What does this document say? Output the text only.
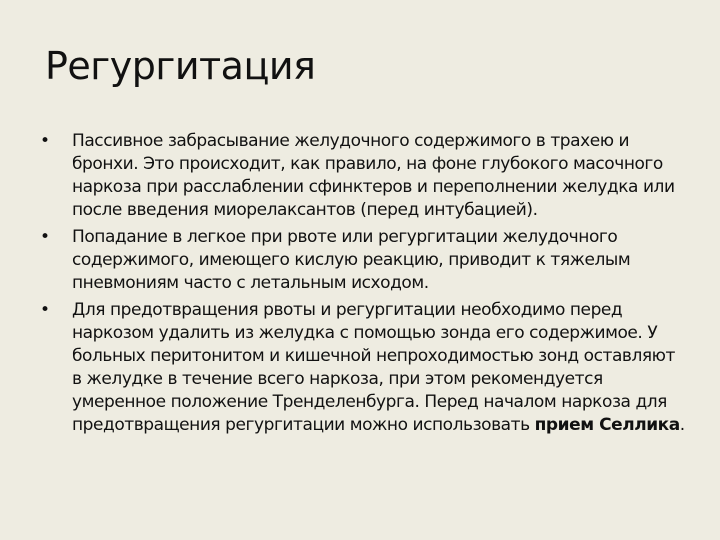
Регургитация
• Пассивное забрасывание желудочного содержимого в трахею и бронхи. Это происходит, как правило, на фоне глубокого масочного наркоза при расслаблении сфинктеров и переполнении желудка или после введения миорелаксантов (перед интубацией).
• Попадание в легкое при рвоте или регургитации желудочного содержимого, имеющего кислую реакцию, приводит к тяжелым пневмониям часто с летальным исходом.
• Для предотвращения рвоты и регургитации необходимо перед наркозом удалить из желудка с помощью зонда его содержимое. У больных перитонитом и кишечной непроходимостью зонд оставляют в желудке в течение всего наркоза, при этом рекомендуется умеренное положение Тренделенбурга. Перед началом наркоза для предотвращения регургитации можно использовать прием Селлика.
